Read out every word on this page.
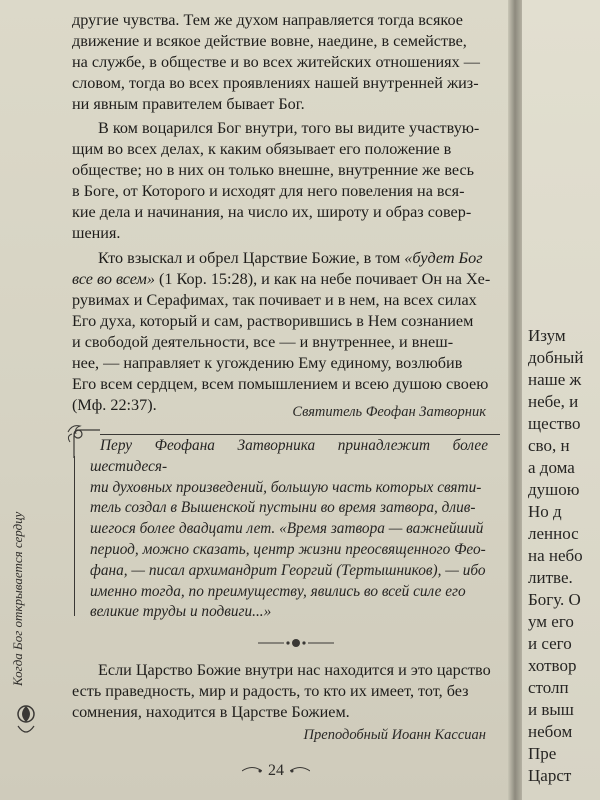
другие чувства. Тем же духом направляется тогда всякое

движение и всякое действие вовне, наедине, в семействе,

на службе, в обществе и во всех житейских отношениях —

словом, тогда во всех проявлениях нашей внутренней жиз-

ни явным правителем бывает Бог.

В ком воцарился Бог внутри, того вы видите участвую-

щим во всех делах, к каким обязывает его положение в

обществе; но в них он только внешне, внутренние же весь

в Боге, от Которого и исходят для него повеления на вся-

кие дела и начинания, на число их, широту и образ совер-

шения.

Кто взыскал и обрел Царствие Божие, в том «будет Бог

все во всем» (1 Кор. 15:28), и как на небе почивает Он на Хе-

рувимах и Серафимах, так почивает и в нем, на всех силах

Его духа, который и сам, растворившись в Нем сознанием

и свободой деятельности, все — и внутреннее, и внеш-

нее, — направляет к угождению Ему единому, возлюбив

Его всем сердцем, всем помышлением и всею душою своею

(Мф. 22:37).	Святитель Феофан Затворник

Перу Феофана Затворника принадлежит более шестидеся-
ти духовных произведений, большую часть которых святи-
тель создал в Вышенской пустыни во время затвора, длив-
шегося более двадцати лет. «Время затвора — важнейший
период, можно сказать, центр жизни преосвященного Фео-
фана, — писал архимандрит Георгий (Тертышников), — ибо
именно тогда, по преимуществу, явились во всей силе его
великие труды и подвиги...»

Если Царство Божие внутри нас находится и это царство

есть праведность, мир и радость, то кто их имеет, тот, без

сомнения, находится в Царстве Божием.

Преподобный Иоанн Кассиан

24
Когда Бог открывается сердцу
Изум
добный
наше ж
небе, и
щество
сво, н
а дома
душою
Но д
леннос
на небо
литве.
Богу. О
ум его
и сего
хотвор
столп
и выш
небом
Пре
Царст
